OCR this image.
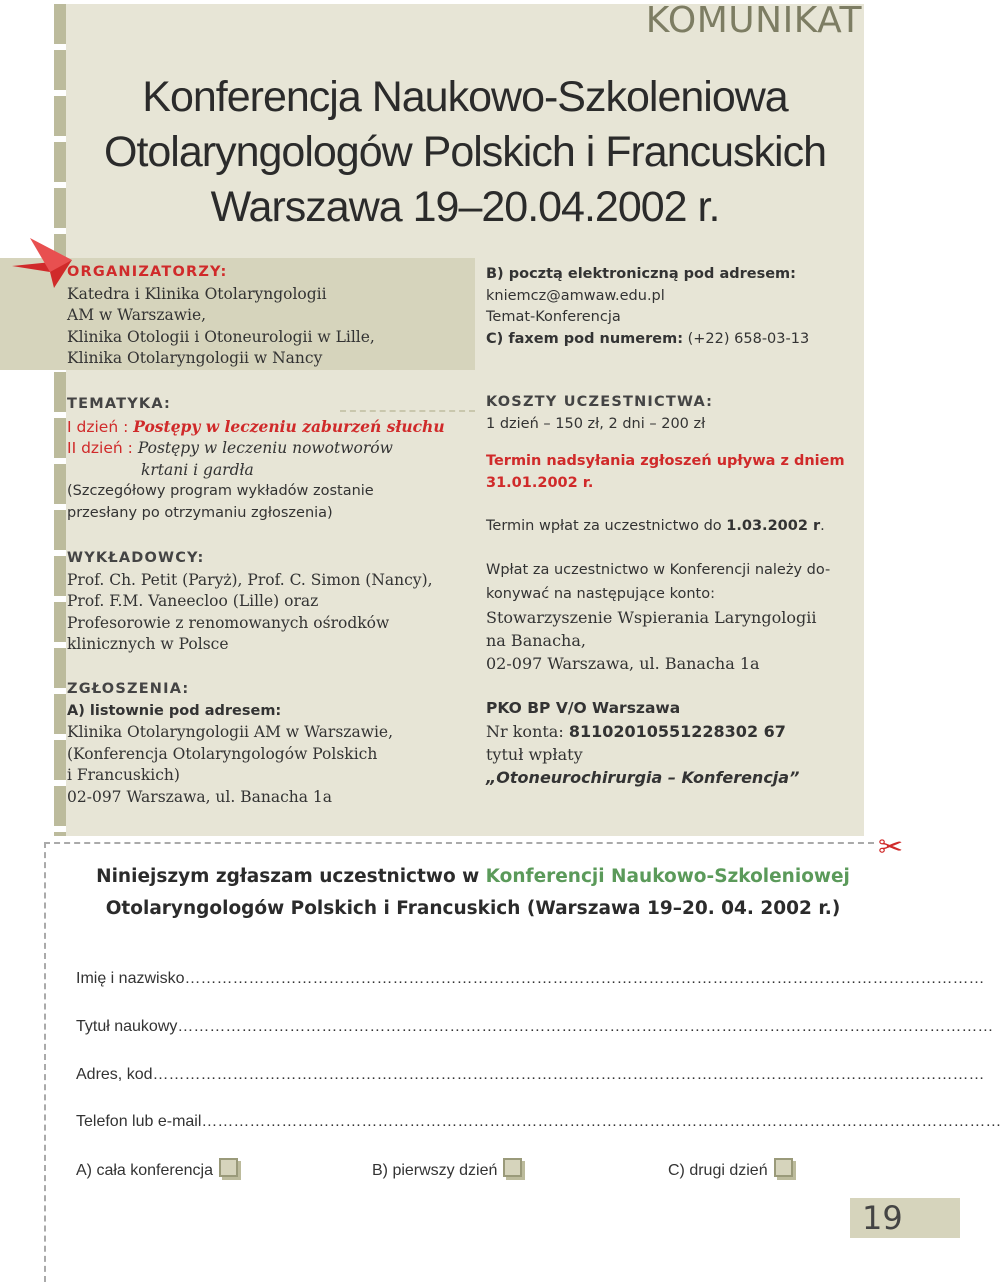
KOMUNIKAT
Konferencja Naukowo-Szkoleniowa
Otolaryngologów Polskich i Francuskich
Warszawa 19–20.04.2002 r.
ORGANIZATORZY:
Katedra i Klinika Otolaryngologii
AM w Warszawie,
Klinika Otologii i Otoneurologii w Lille,
Klinika Otolaryngologii w Nancy
TEMATYKA:
I dzień : Postępy w leczeniu zaburzeń słuchu
II dzień : Postępy w leczeniu nowotworów
krtani i gardła
(Szczegółowy program wykładów zostanie
przesłany po otrzymaniu zgłoszenia)
WYKŁADOWCY:
Prof. Ch. Petit (Paryż), Prof. C. Simon (Nancy),
Prof. F.M. Vaneecloo (Lille) oraz
Profesorowie z renomowanych ośrodków
klinicznych w Polsce
ZGŁOSZENIA:
A) listownie pod adresem:
Klinika Otolaryngologii AM w Warszawie,
(Konferencja Otolaryngologów Polskich
i Francuskich)
02-097 Warszawa, ul. Banacha 1a
B) pocztą elektroniczną pod adresem:
kniemcz@amwaw.edu.pl
Temat-Konferencja
C) faxem pod numerem: (+22) 658-03-13
KOSZTY UCZESTNICTWA:
1 dzień – 150 zł, 2 dni – 200 zł
Termin nadsyłania zgłoszeń upływa z dniem
31.01.2002 r.
Termin wpłat za uczestnictwo do 1.03.2002 r.
Wpłat za uczestnictwo w Konferencji należy do-
konywać na następujące konto:
Stowarzyszenie Wspierania Laryngologii
na Banacha,
02-097 Warszawa, ul. Banacha 1a
PKO BP V/O Warszawa
Nr konta: 81102010551228302 67
tytuł wpłaty
„Otoneurochirurgia – Konferencja”
✂
Niniejszym zgłaszam uczestnictwo w Konferencji Naukowo-Szkoleniowej
Otolaryngologów Polskich i Francuskich (Warszawa 19–20. 04. 2002 r.)
Imię i nazwisko……………………………………………………………………………………………………………………………………
Tytuł naukowy………………………………………………………………………………………………………………………………………
Adres, kod…………………………………………………………………………………………………………………………………………
Telefon lub e-mail……………………………………………………………………………………………………………………………………
A) cała konferencja	B) pierwszy dzień	C) drugi dzień
19
